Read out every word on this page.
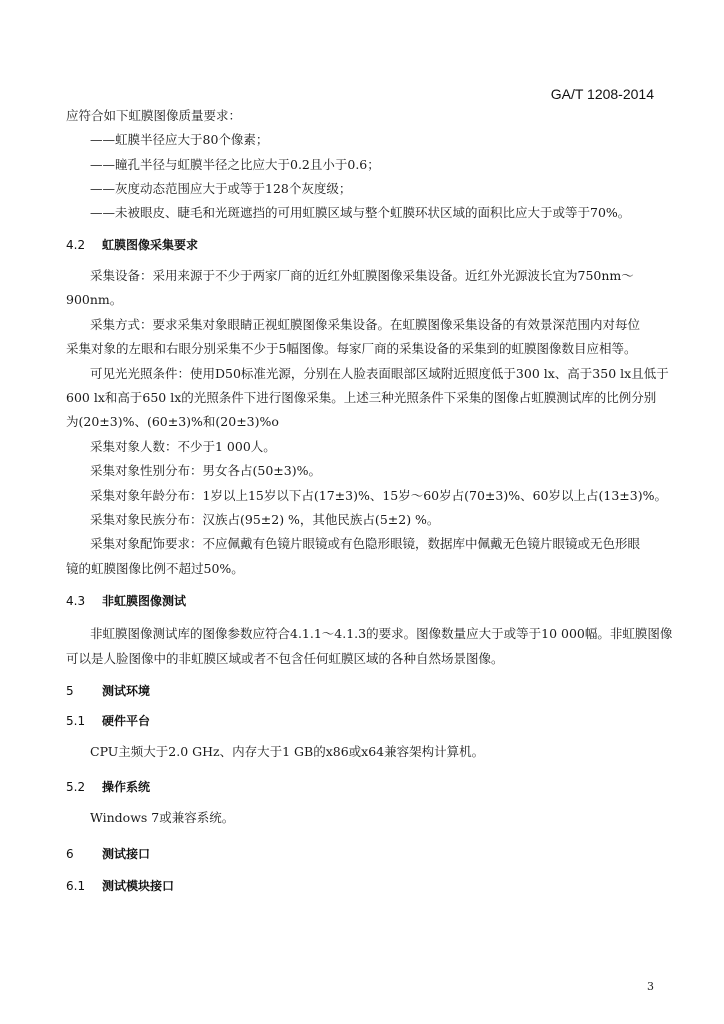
GA/T 1208-2014
应符合如下虹膜图像质量要求：
——虹膜半径应大于80个像素；
——瞳孔半径与虹膜半径之比应大于0.2且小于0.6；
——灰度动态范围应大于或等于128个灰度级；
——未被眼皮、睫毛和光斑遮挡的可用虹膜区域与整个虹膜环状区域的面积比应大于或等于70%。
4.2 虹膜图像采集要求
采集设备：采用来源于不少于两家厂商的近红外虹膜图像采集设备。近红外光源波长宜为750nm～
900nm。
采集方式：要求采集对象眼睛正视虹膜图像采集设备。在虹膜图像采集设备的有效景深范围内对每位
采集对象的左眼和右眼分别采集不少于5幅图像。每家厂商的采集设备的采集到的虹膜图像数目应相等。
可见光光照条件：使用D50标准光源，分别在人脸表面眼部区域附近照度低于300 lx、高于350 lx且低于
600 lx和高于650 lx的光照条件下进行图像采集。上述三种光照条件下采集的图像占虹膜测试库的比例分别
为(20±3)%、(60±3)%和(20±3)%o
采集对象人数：不少于1 000人。
采集对象性别分布：男女各占(50±3)%。
采集对象年龄分布：1岁以上15岁以下占(17±3)%、15岁～60岁占(70±3)%、60岁以上占(13±3)%。
采集对象民族分布：汉族占(95±2) %，其他民族占(5±2) %。
采集对象配饰要求：不应佩戴有色镜片眼镜或有色隐形眼镜，数据库中佩戴无色镜片眼镜或无色形眼
镜的虹膜图像比例不超过50%。
4.3 非虹膜图像测试
非虹膜图像测试库的图像参数应符合4.1.1～4.1.3的要求。图像数量应大于或等于10 000幅。非虹膜图像
可以是人脸图像中的非虹膜区域或者不包含任何虹膜区域的各种自然场景图像。
5 测试环境
5.1 硬件平台
CPU主频大于2.0 GHz、内存大于1 GB的x86或x64兼容架构计算机。
5.2 操作系统
Windows 7或兼容系统。
6 测试接口
6.1 测试模块接口
3
